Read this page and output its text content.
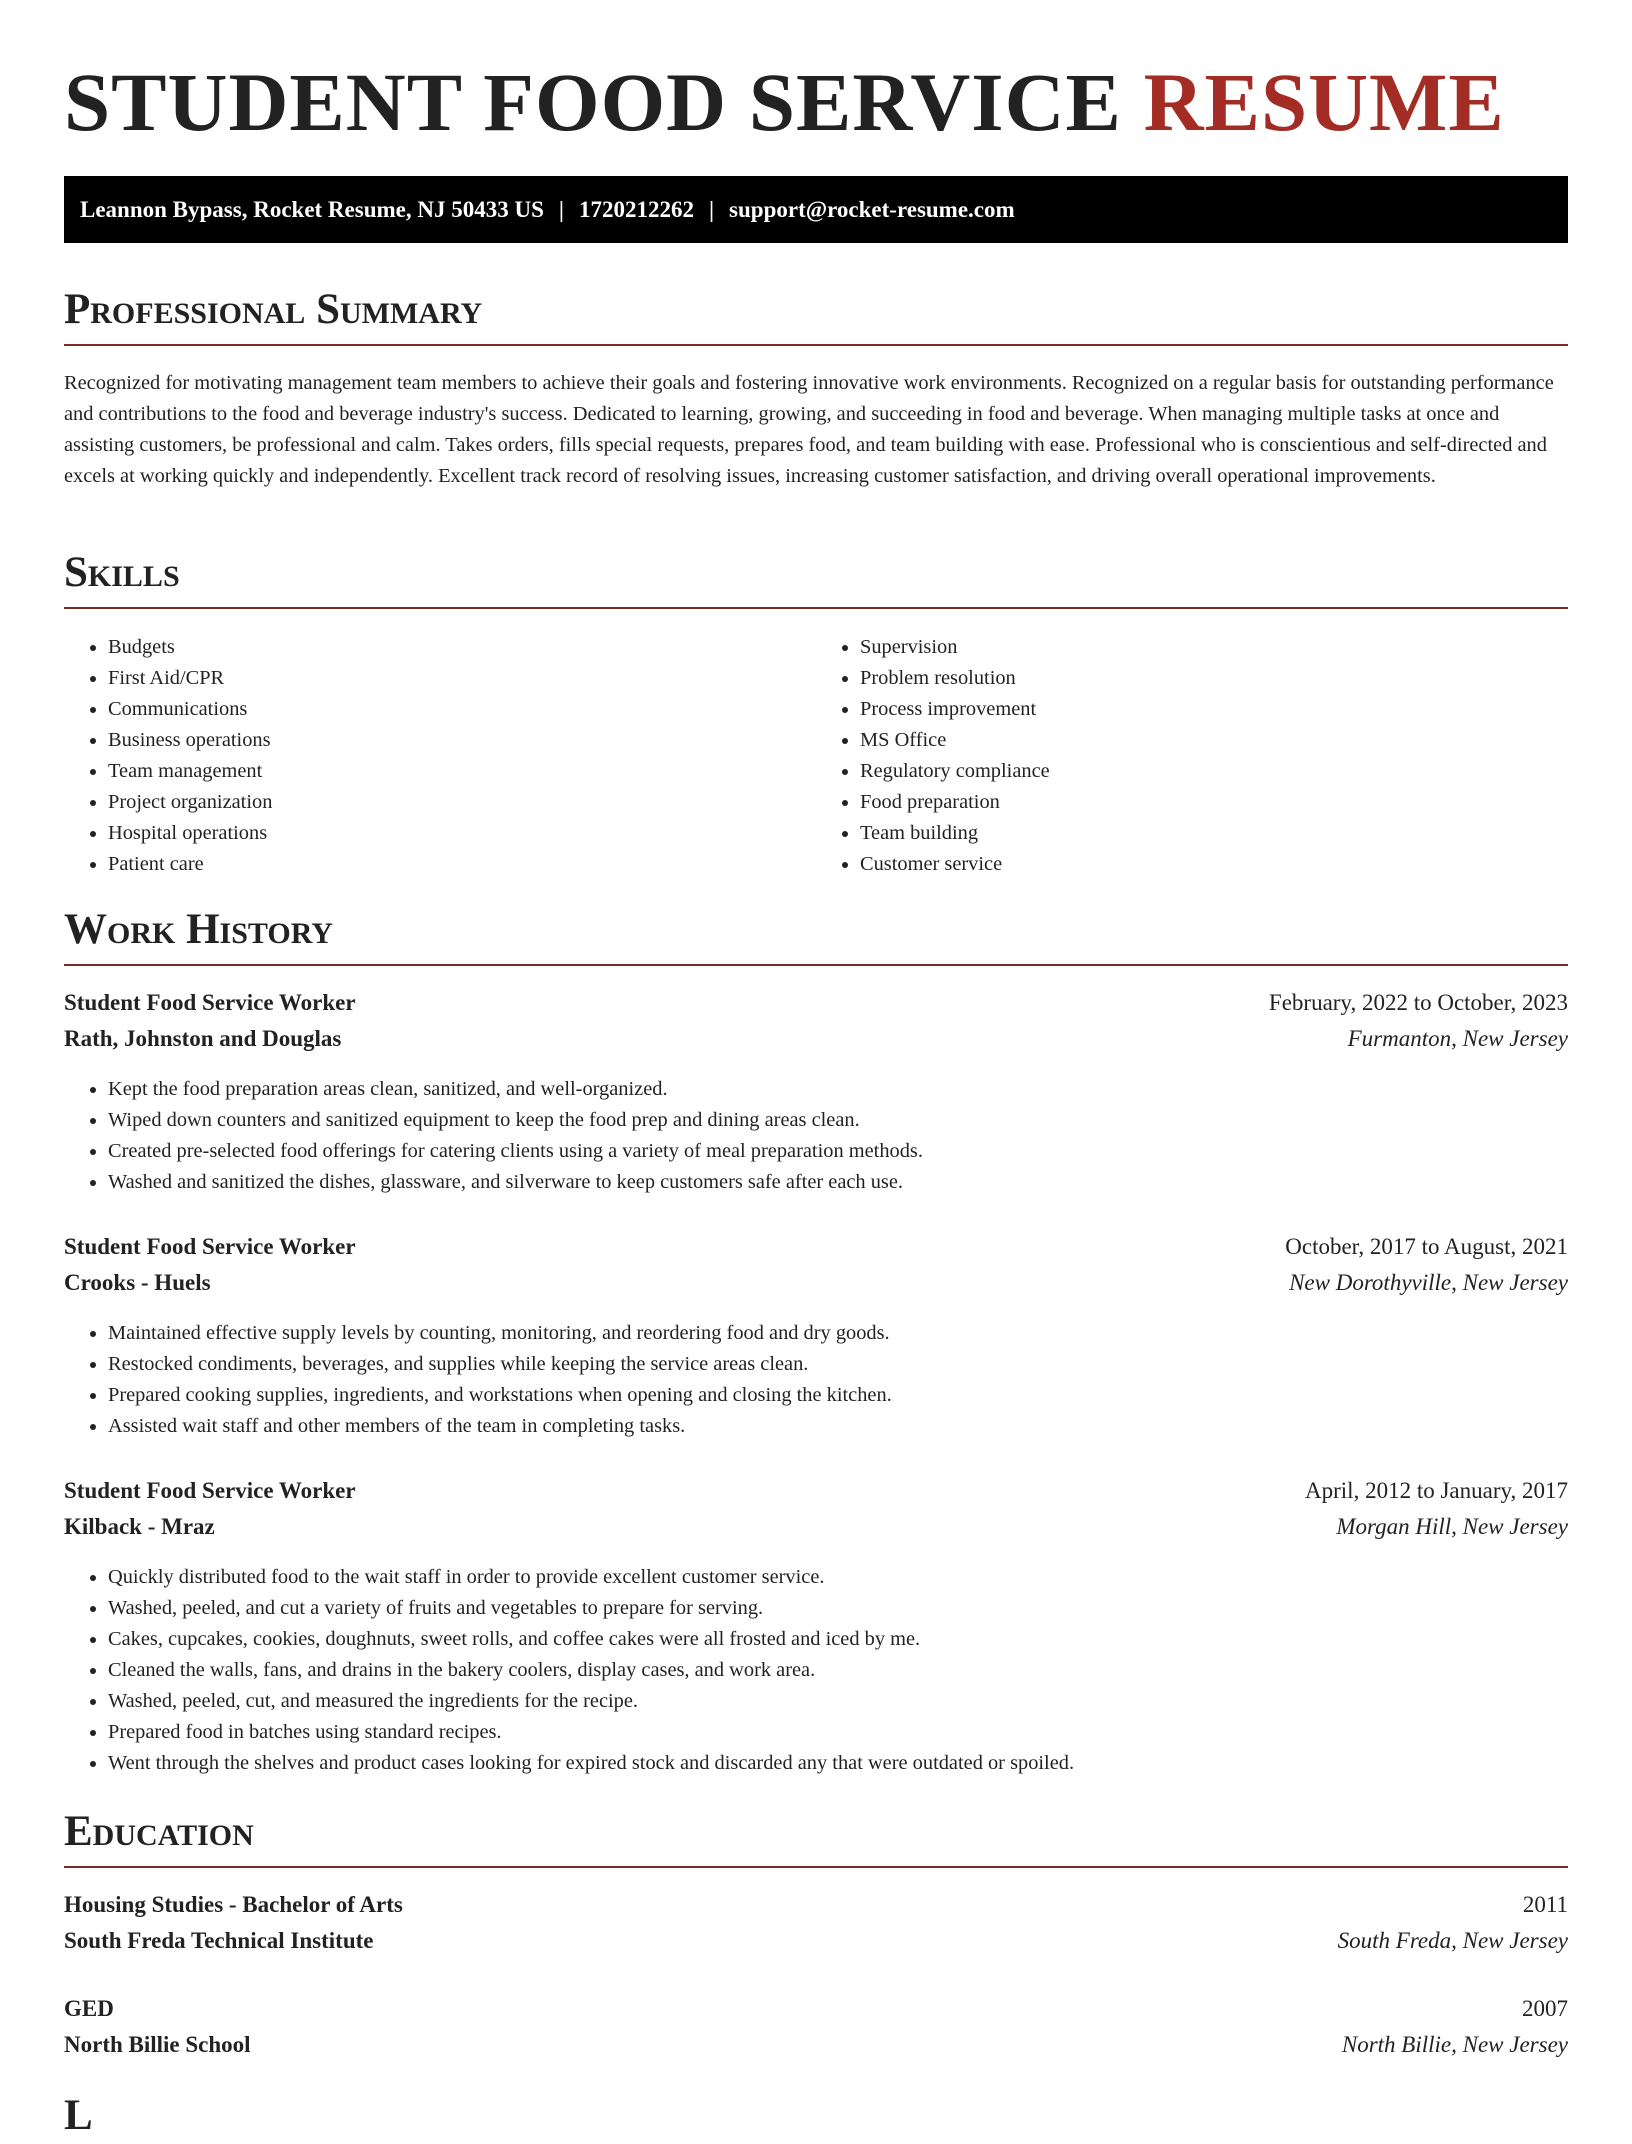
STUDENT FOOD SERVICE RESUME
Leannon Bypass, Rocket Resume, NJ 50433 US | 1720212262 | support@rocket-resume.com
Professional Summary

Recognized for motivating management team members to achieve their goals and fostering innovative work environments. Recognized on a regular basis for outstanding performance and contributions to the food and beverage industry's success. Dedicated to learning, growing, and succeeding in food and beverage. When managing multiple tasks at once and assisting customers, be professional and calm. Takes orders, fills special requests, prepares food, and team building with ease. Professional who is conscientious and self-directed and excels at working quickly and independently. Excellent track record of resolving issues, increasing customer satisfaction, and driving overall operational improvements.

Skills
• Budgets
• First Aid/CPR
• Communications
• Business operations
• Team management
• Project organization
• Hospital operations
• Patient care
• Supervision
• Problem resolution
• Process improvement
• MS Office
• Regulatory compliance
• Food preparation
• Team building
• Customer service
Work History
Student Food Service Worker	February, 2022 to October, 2023
Rath, Johnston and Douglas	Furmanton, New Jersey
• Kept the food preparation areas clean, sanitized, and well-organized.
• Wiped down counters and sanitized equipment to keep the food prep and dining areas clean.
• Created pre-selected food offerings for catering clients using a variety of meal preparation methods.
• Washed and sanitized the dishes, glassware, and silverware to keep customers safe after each use.
Student Food Service Worker	October, 2017 to August, 2021
Crooks - Huels	New Dorothyville, New Jersey
• Maintained effective supply levels by counting, monitoring, and reordering food and dry goods.
• Restocked condiments, beverages, and supplies while keeping the service areas clean.
• Prepared cooking supplies, ingredients, and workstations when opening and closing the kitchen.
• Assisted wait staff and other members of the team in completing tasks.
Student Food Service Worker	April, 2012 to January, 2017
Kilback - Mraz	Morgan Hill, New Jersey
• Quickly distributed food to the wait staff in order to provide excellent customer service.
• Washed, peeled, and cut a variety of fruits and vegetables to prepare for serving.
• Cakes, cupcakes, cookies, doughnuts, sweet rolls, and coffee cakes were all frosted and iced by me.
• Cleaned the walls, fans, and drains in the bakery coolers, display cases, and work area.
• Washed, peeled, cut, and measured the ingredients for the recipe.
• Prepared food in batches using standard recipes.
• Went through the shelves and product cases looking for expired stock and discarded any that were outdated or spoiled.
Education
Housing Studies - Bachelor of Arts	2011
South Freda Technical Institute	South Freda, New Jersey
GED	2007
North Billie School	North Billie, New Jersey
L
